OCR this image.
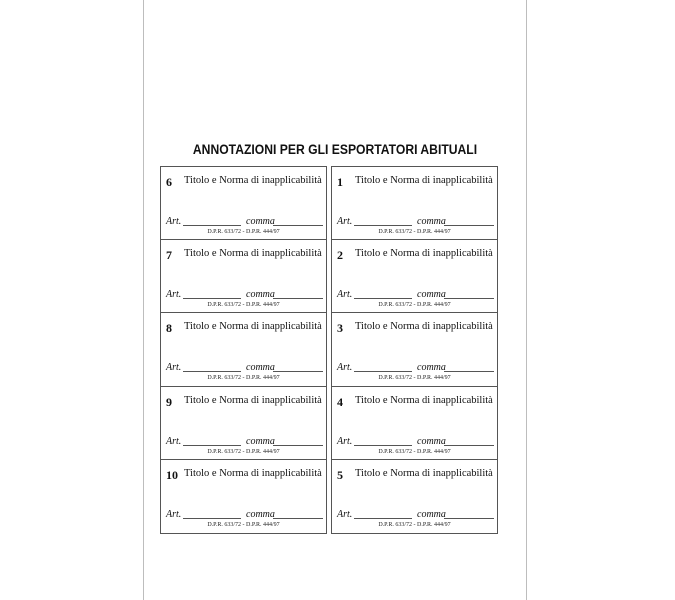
ANNOTAZIONI PER GLI ESPORTATORI ABITUALI
6 Titolo e Norma di inapplicabilità
Art.	comma
D.P.R. 633/72 - D.P.R. 444/97
7 Titolo e Norma di inapplicabilità
Art.	comma
D.P.R. 633/72 - D.P.R. 444/97
8 Titolo e Norma di inapplicabilità
Art.	comma
D.P.R. 633/72 - D.P.R. 444/97
9 Titolo e Norma di inapplicabilità
Art.	comma
D.P.R. 633/72 - D.P.R. 444/97
10 Titolo e Norma di inapplicabilità
Art.	comma
D.P.R. 633/72 - D.P.R. 444/97
1 Titolo e Norma di inapplicabilità
Art.	comma
D.P.R. 633/72 - D.P.R. 444/97
2 Titolo e Norma di inapplicabilità
Art.	comma
D.P.R. 633/72 - D.P.R. 444/97
3 Titolo e Norma di inapplicabilità
Art.	comma
D.P.R. 633/72 - D.P.R. 444/97
4 Titolo e Norma di inapplicabilità
Art.	comma
D.P.R. 633/72 - D.P.R. 444/97
5 Titolo e Norma di inapplicabilità
Art.	comma
D.P.R. 633/72 - D.P.R. 444/97
